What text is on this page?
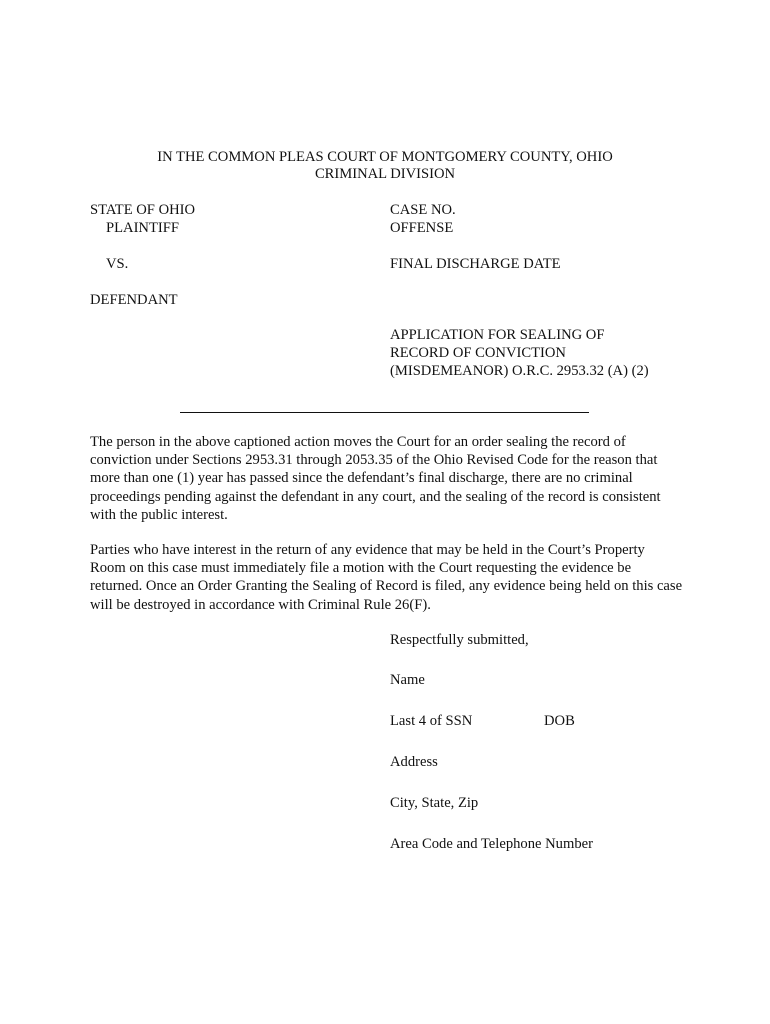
IN THE COMMON PLEAS COURT OF MONTGOMERY COUNTY, OHIO
CRIMINAL DIVISION
STATE OF OHIO
PLAINTIFF
VS.
DEFENDANT
CASE NO.
OFFENSE
FINAL DISCHARGE DATE
APPLICATION FOR SEALING OF
RECORD OF CONVICTION
(MISDEMEANOR) O.R.C. 2953.32 (A) (2)
The person in the above captioned action moves the Court for an order sealing the record of conviction under Sections 2953.31 through 2053.35 of the Ohio Revised Code for the reason that more than one (1) year has passed since the defendant’s final discharge, there are no criminal proceedings pending against the defendant in any court, and the sealing of the record is consistent with the public interest.
Parties who have interest in the return of any evidence that may be held in the Court’s Property Room on this case must immediately file a motion with the Court requesting the evidence be returned. Once an Order Granting the Sealing of Record is filed, any evidence being held on this case will be destroyed in accordance with Criminal Rule 26(F).
Respectfully submitted,
Name
Last 4 of SSN	DOB
Address
City, State, Zip
Area Code and Telephone Number
